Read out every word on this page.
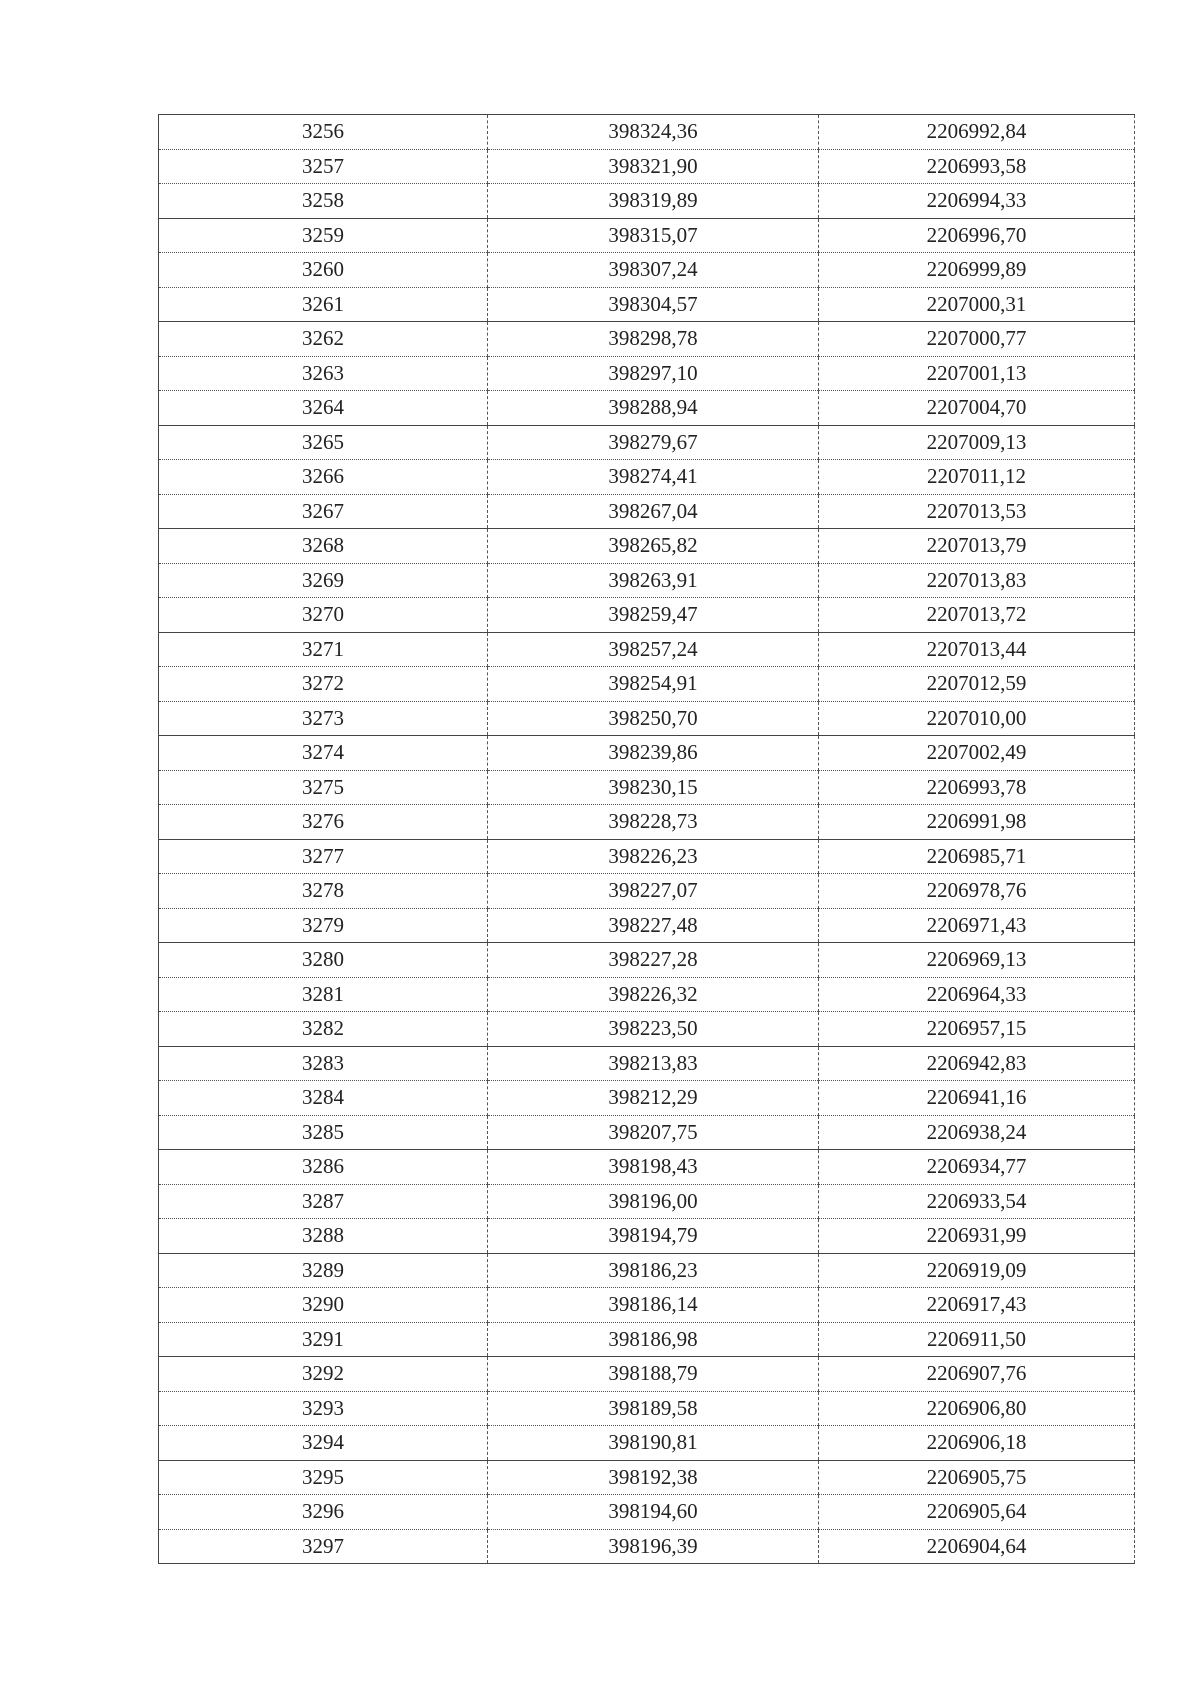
3256	398324,36	2206992,84
3257	398321,90	2206993,58
3258	398319,89	2206994,33
3259	398315,07	2206996,70
3260	398307,24	2206999,89
3261	398304,57	2207000,31
3262	398298,78	2207000,77
3263	398297,10	2207001,13
3264	398288,94	2207004,70
3265	398279,67	2207009,13
3266	398274,41	2207011,12
3267	398267,04	2207013,53
3268	398265,82	2207013,79
3269	398263,91	2207013,83
3270	398259,47	2207013,72
3271	398257,24	2207013,44
3272	398254,91	2207012,59
3273	398250,70	2207010,00
3274	398239,86	2207002,49
3275	398230,15	2206993,78
3276	398228,73	2206991,98
3277	398226,23	2206985,71
3278	398227,07	2206978,76
3279	398227,48	2206971,43
3280	398227,28	2206969,13
3281	398226,32	2206964,33
3282	398223,50	2206957,15
3283	398213,83	2206942,83
3284	398212,29	2206941,16
3285	398207,75	2206938,24
3286	398198,43	2206934,77
3287	398196,00	2206933,54
3288	398194,79	2206931,99
3289	398186,23	2206919,09
3290	398186,14	2206917,43
3291	398186,98	2206911,50
3292	398188,79	2206907,76
3293	398189,58	2206906,80
3294	398190,81	2206906,18
3295	398192,38	2206905,75
3296	398194,60	2206905,64
3297	398196,39	2206904,64
